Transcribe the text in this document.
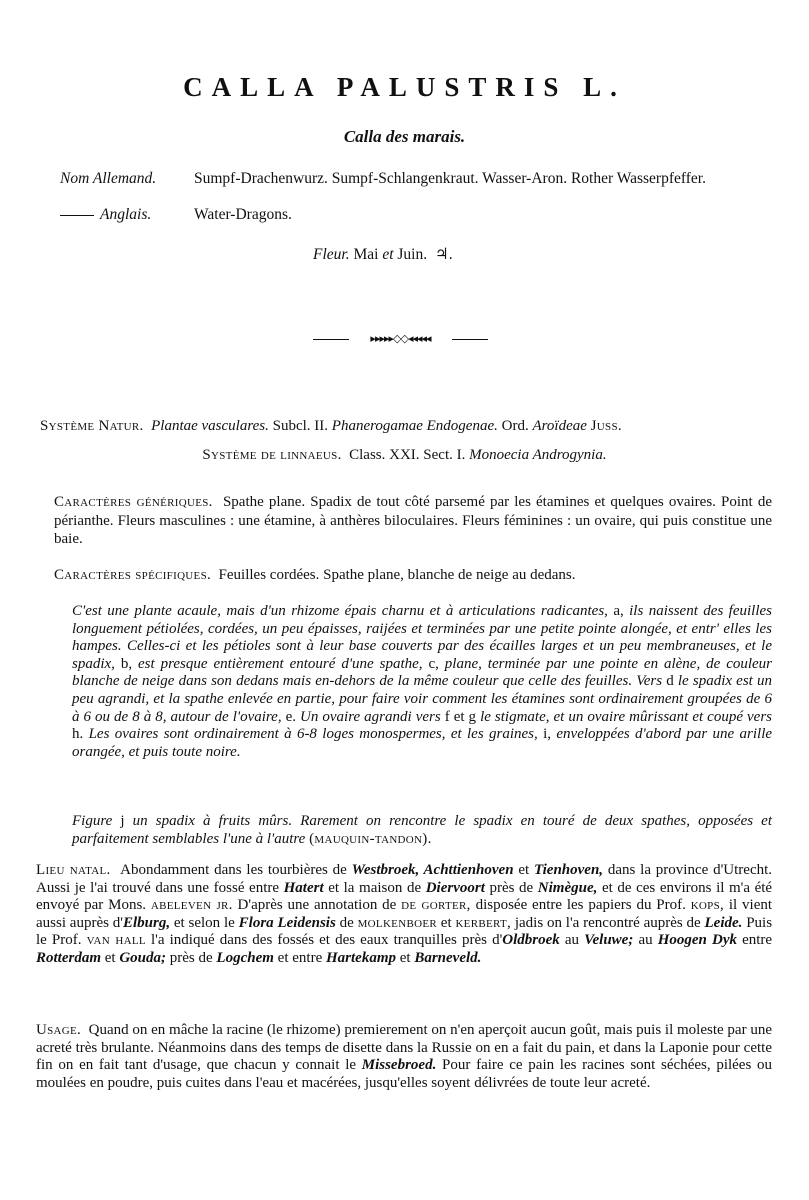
CALLA PALUSTRIS L.

Calla des marais.

Nom Allemand.	Sumpf-Drachenwurz. Sumpf-Schlangenkraut. Wasser-Aron. Rother Wasserpfeffer.
Anglais.	Water-Dragons.
Fleur. Mai et Juin. ♃.
▸▸▸▸▸◇◇◂◂◂◂◂
Système Natur. Plantae vasculares. Subcl. II. Phanerogamae Endogenae. Ord. Aroïdeae Juss.
Système de linnaeus. Class. XXI. Sect. I. Monoecia Androgynia.

Caractères génériques. Spathe plane. Spadix de tout côté parsemé par les étamines et quelques ovaires. Point de périanthe. Fleurs masculines : une étamine, à anthères biloculaires. Fleurs féminines : un ovaire, qui puis constitue une baie.

Caractères spécifiques. Feuilles cordées. Spathe plane, blanche de neige au dedans.

C'est une plante acaule, mais d'un rhizome épais charnu et à articulations radicantes, a, ils naissent des feuilles longuement pétiolées, cordées, un peu épaisses, raijées et terminées par une petite pointe alongée, et entr' elles les hampes. Celles-ci et les pétioles sont à leur base couverts par des écailles larges et un peu membraneuses, et le spadix, b, est presque entièrement entouré d'une spathe, c, plane, terminée par une pointe en alène, de couleur blanche de neige dans son dedans mais en-dehors de la même couleur que celle des feuilles. Vers d le spadix est un peu agrandi, et la spathe enlevée en partie, pour faire voir comment les étamines sont ordinairement groupées de 6 à 6 ou de 8 à 8, autour de l'ovaire, e. Un ovaire agrandi vers f et g le stigmate, et un ovaire mûrissant et coupé vers h. Les ovaires sont ordinairement à 6-8 loges monospermes, et les graines, i, enveloppées d'abord par une arille orangée, et puis toute noire.

Figure j un spadix à fruits mûrs. Rarement on rencontre le spadix en touré de deux spathes, opposées et parfaitement semblables l'une à l'autre (mauquin-tandon).

Lieu natal. Abondamment dans les tourbières de Westbroek, Achttienhoven et Tienhoven, dans la province d'Utrecht. Aussi je l'ai trouvé dans une fossé entre Hatert et la maison de Diervoort près de Nimègue, et de ces environs il m'a été envoyé par Mons. abeleven jr. D'après une annotation de de gorter, disposée entre les papiers du Prof. kops, il vient aussi auprès d'Elburg, et selon le Flora Leidensis de molkenboer et kerbert, jadis on l'a rencontré auprès de Leide. Puis le Prof. van hall l'a indiqué dans des fossés et des eaux tranquilles près d'Oldbroek au Veluwe; au Hoogen Dyk entre Rotterdam et Gouda; près de Logchem et entre Hartekamp et Barneveld.

Usage. Quand on en mâche la racine (le rhizome) premierement on n'en aperçoit aucun goût, mais puis il moleste par une acreté très brulante. Néanmoins dans des temps de disette dans la Russie on en a fait du pain, et dans la Laponie pour cette fin on en fait tant d'usage, que chacun y connait le Missebroed. Pour faire ce pain les racines sont séchées, pilées ou moulées en poudre, puis cuites dans l'eau et macérées, jusqu'elles soyent délivrées de toute leur acreté.
